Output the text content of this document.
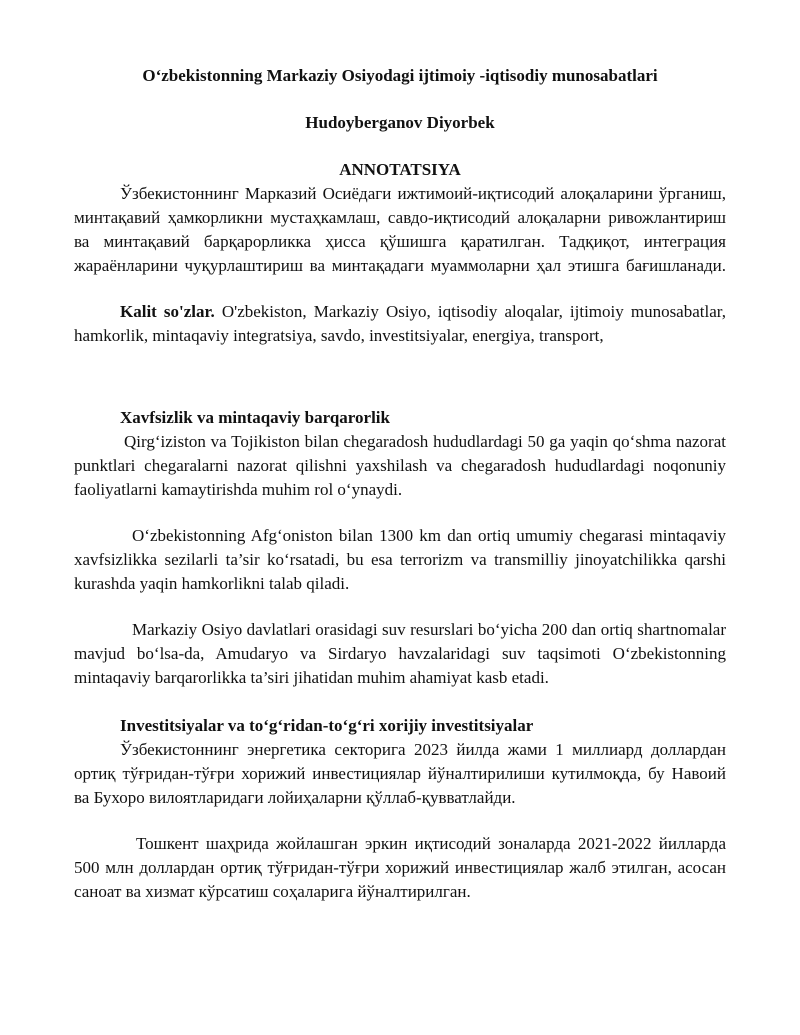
O‘zbekistonning Markaziy Osiyodagi ijtimoiy -iqtisodiy munosabatlari

Hudoyberganov Diyorbek

ANNOTATSIYA

Ўзбекистоннинг Марказий Осиёдаги ижтимоий-иқтисодий алоқаларини ўрганиш, минтақавий ҳамкорликни мустаҳкамлаш, савдо-иқтисодий алоқаларни ривожлантириш ва минтақавий барқарорликка ҳисса қўшишга қаратилган. Тадқиқот, интеграция жараёнларини чуқурлаштириш ва минтақадаги муаммоларни ҳал этишга бағишланади.

Kalit so'zlar. O'zbekiston, Markaziy Osiyo, iqtisodiy aloqalar, ijtimoiy munosabatlar, hamkorlik, mintaqaviy integratsiya, savdo, investitsiyalar, energiya, transport,

Xavfsizlik va mintaqaviy barqarorlik

Qirg‘iziston va Tojikiston bilan chegaradosh hududlardagi 50 ga yaqin qo‘shma nazorat punktlari chegaralarni nazorat qilishni yaxshilash va chegaradosh hududlardagi noqonuniy faoliyatlarni kamaytirishda muhim rol o‘ynaydi.

O‘zbekistonning Afg‘oniston bilan 1300 km dan ortiq umumiy chegarasi mintaqaviy xavfsizlikka sezilarli ta’sir ko‘rsatadi, bu esa terrorizm va transmilliy jinoyatchilikka qarshi kurashda yaqin hamkorlikni talab qiladi.

Markaziy Osiyo davlatlari orasidagi suv resurslari bo‘yicha 200 dan ortiq shartnomalar mavjud bo‘lsa-da, Amudaryo va Sirdaryo havzalaridagi suv taqsimoti O‘zbekistonning mintaqaviy barqarorlikka ta’siri jihatidan muhim ahamiyat kasb etadi.

Investitsiyalar va to‘g‘ridan-to‘g‘ri xorijiy investitsiyalar

Ўзбекистоннинг энергетика секторига 2023 йилда жами 1 миллиард доллардан ортиқ тўғридан-тўғри хорижий инвестициялар йўналтирилиши кутилмоқда, бу Навоий ва Бухоро вилоятларидаги лойиҳаларни қўллаб-қувватлайди.

Тошкент шаҳрида жойлашган эркин иқтисодий зоналарда 2021-2022 йилларда 500 млн доллардан ортиқ тўғридан-тўғри хорижий инвестициялар жалб этилган, асосан саноат ва хизмат кўрсатиш соҳаларига йўналтирилган.
